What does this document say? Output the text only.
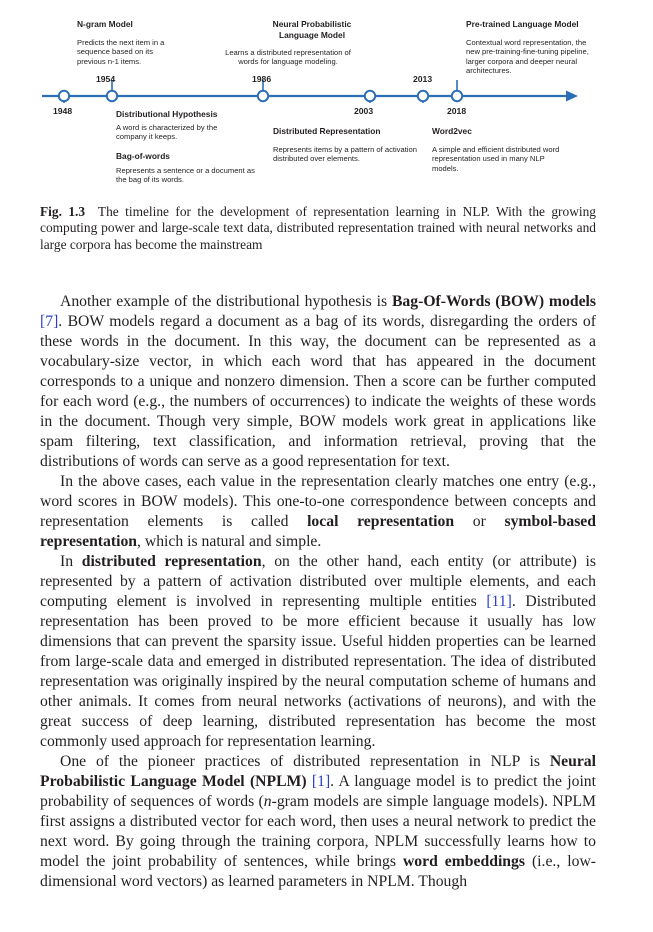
N-gram Model
Predicts the next item in a sequence based on its previous n-1 items.
1954
1948	Distributional Hypothesis
A word is characterized by the company it keeps.
Bag-of-words
Represents a sentence or a document as the bag of its words.
Neural Probabilistic Language Model
Learns a distributed representation of words for language modeling.
1986
2003
Distributed Representation
Represents items by a pattern of activation distributed over elements.
Pre-trained Language Model
Contextual word representation, the new pre-training-fine-tuning pipeline, larger corpora and deeper neural architectures.
2013
2018
Word2vec
A simple and efficient distributed word representation used in many NLP models.

Fig. 1.3 The timeline for the development of representation learning in NLP. With the growing computing power and large-scale text data, distributed representation trained with neural networks and large corpora has become the mainstream

Another example of the distributional hypothesis is Bag-Of-Words (BOW) models [7]. BOW models regard a document as a bag of its words, disregarding the orders of these words in the document. In this way, the document can be represented as a vocabulary-size vector, in which each word that has appeared in the document corresponds to a unique and nonzero dimension. Then a score can be further computed for each word (e.g., the numbers of occurrences) to indicate the weights of these words in the document. Though very simple, BOW models work great in applications like spam filtering, text classification, and information retrieval, proving that the distributions of words can serve as a good representation for text.

In the above cases, each value in the representation clearly matches one entry (e.g., word scores in BOW models). This one-to-one correspondence between concepts and representation elements is called local representation or symbol-based representation, which is natural and simple.

In distributed representation, on the other hand, each entity (or attribute) is represented by a pattern of activation distributed over multiple elements, and each computing element is involved in representing multiple entities [11]. Distributed representation has been proved to be more efficient because it usually has low dimensions that can prevent the sparsity issue. Useful hidden properties can be learned from large-scale data and emerged in distributed representation. The idea of distributed representation was originally inspired by the neural computation scheme of humans and other animals. It comes from neural networks (activations of neurons), and with the great success of deep learning, distributed representation has become the most commonly used approach for representation learning.

One of the pioneer practices of distributed representation in NLP is Neural Probabilistic Language Model (NPLM) [1]. A language model is to predict the joint probability of sequences of words (n-gram models are simple language models). NPLM first assigns a distributed vector for each word, then uses a neural network to predict the next word. By going through the training corpora, NPLM successfully learns how to model the joint probability of sentences, while brings word embeddings (i.e., low-dimensional word vectors) as learned parameters in NPLM. Though
